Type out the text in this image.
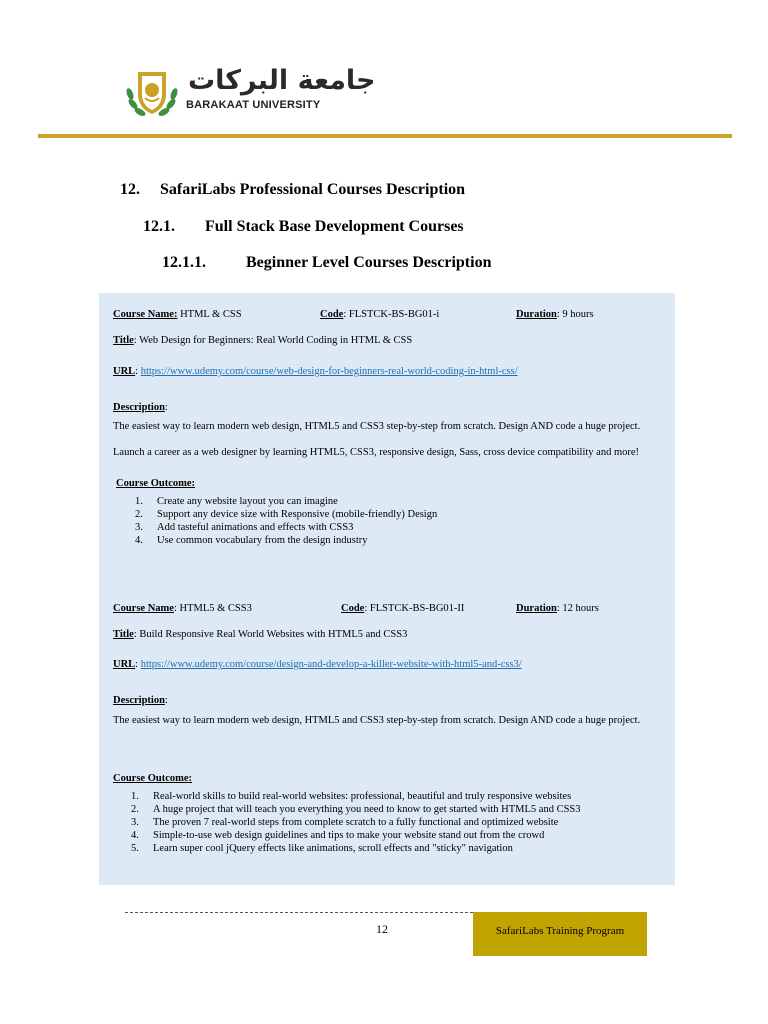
جامعة البركات
BARAKAAT UNIVERSITY
12. SafariLabs Professional Courses Description
12.1. Full Stack Base Development Courses
12.1.1.	Beginner Level Courses Description
Course Name: HTML & CSS	Code: FLSTCK-BS-BG01-i	Duration: 9 hours
Title: Web Design for Beginners: Real World Coding in HTML & CSS
URL: https://www.udemy.com/course/web-design-for-beginners-real-world-coding-in-html-css/
Description:
The easiest way to learn modern web design, HTML5 and CSS3 step-by-step from scratch. Design AND code a huge project.
Launch a career as a web designer by learning HTML5, CSS3, responsive design, Sass, cross device compatibility and more!
Course Outcome:
1.	Create any website layout you can imagine
2.	Support any device size with Responsive (mobile-friendly) Design
3.	Add tasteful animations and effects with CSS3
4.	Use common vocabulary from the design industry
Course Name: HTML5 & CSS3	Code: FLSTCK-BS-BG01-II	Duration: 12 hours
Title: Build Responsive Real World Websites with HTML5 and CSS3
URL: https://www.udemy.com/course/design-and-develop-a-killer-website-with-html5-and-css3/
Description:
The easiest way to learn modern web design, HTML5 and CSS3 step-by-step from scratch. Design AND code a huge project.
Course Outcome:
1.	Real-world skills to build real-world websites: professional, beautiful and truly responsive websites
2.	A huge project that will teach you everything you need to know to get started with HTML5 and CSS3
3.	The proven 7 real-world steps from complete scratch to a fully functional and optimized website
4.	Simple-to-use web design guidelines and tips to make your website stand out from the crowd
5.	Learn super cool jQuery effects like animations, scroll effects and "sticky" navigation
12	SafariLabs Training Program
